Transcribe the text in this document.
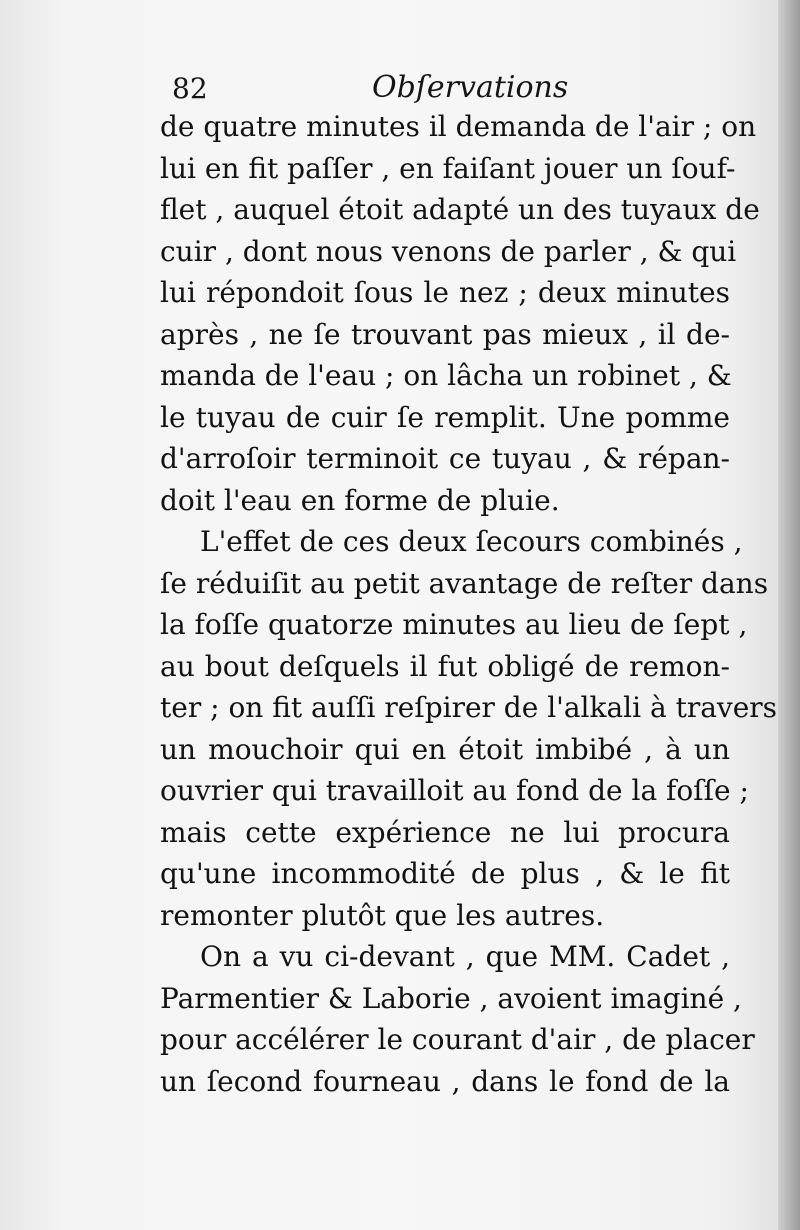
82	Obſervations
de quatre minutes il demanda de l'air ; on
lui en fit paſſer , en faiſant jouer un ſouf-
flet , auquel étoit adapté un des tuyaux de
cuir , dont nous venons de parler , & qui
lui répondoit ſous le nez ; deux minutes
après , ne ſe trouvant pas mieux , il de-
manda de l'eau ; on lâcha un robinet , &
le tuyau de cuir ſe remplit. Une pomme
d'arroſoir terminoit ce tuyau , & répan-
doit l'eau en forme de pluie.
L'effet de ces deux ſecours combinés ,
ſe réduiſit au petit avantage de reſter dans
la foſſe quatorze minutes au lieu de ſept ,
au bout deſquels il fut obligé de remon-
ter ; on fit auſſi reſpirer de l'alkali à travers
un mouchoir qui en étoit imbibé , à un
ouvrier qui travailloit au fond de la foſſe ;
mais cette expérience ne lui procura
qu'une incommodité de plus , & le fit
remonter plutôt que les autres.
On a vu ci-devant , que MM. Cadet ,
Parmentier & Laborie , avoient imaginé ,
pour accélérer le courant d'air , de placer
un ſecond fourneau , dans le fond de la
